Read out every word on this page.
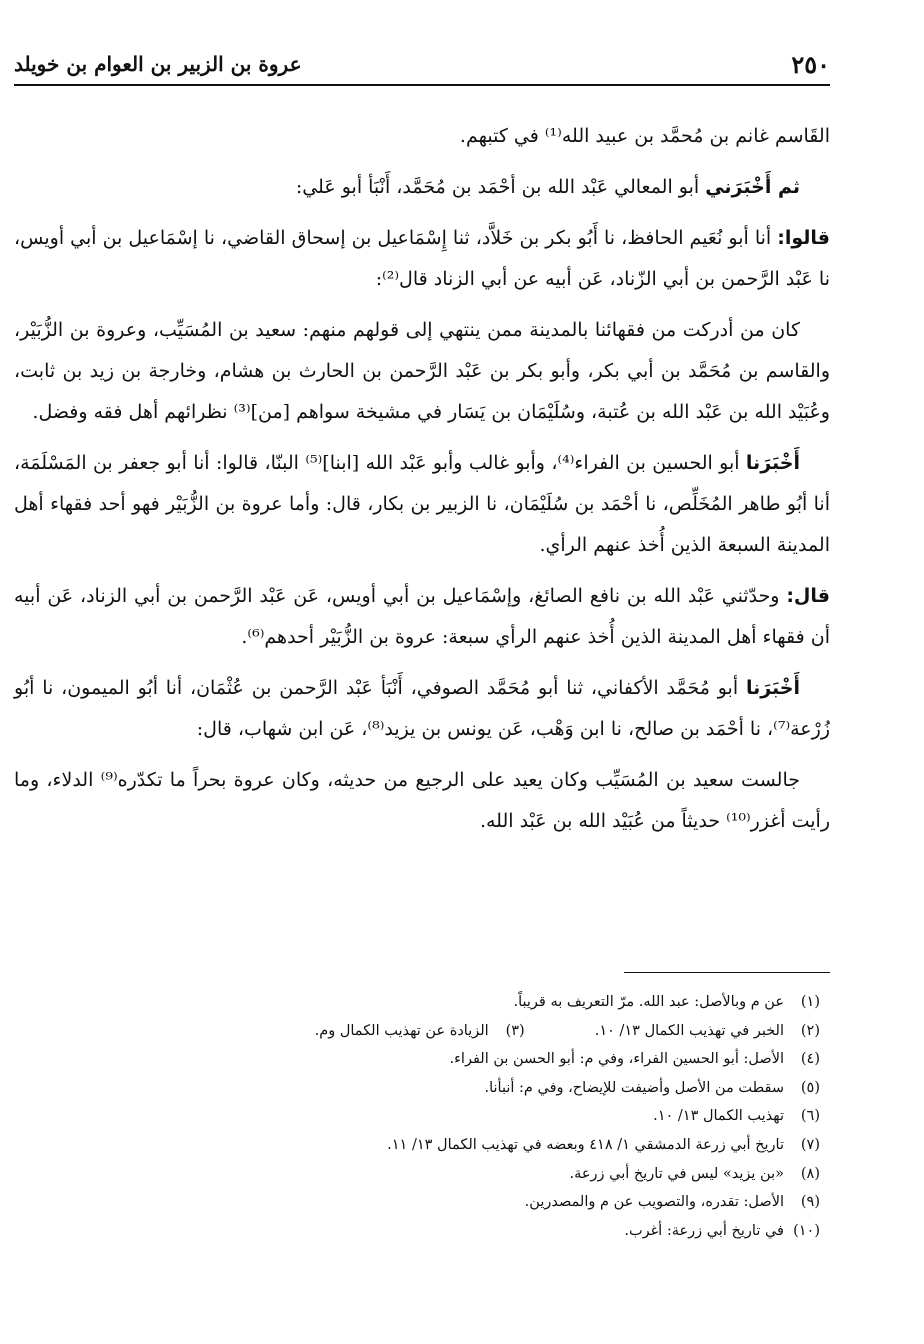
٢٥٠
عروة بن الزبير بن العوام بن خويلد

القَاسم غانم بن مُحمَّد بن عبيد الله⁽¹⁾ في كتبهم.

ثم أَخْبَرَني أبو المعالي عَبْد الله بن أحْمَد بن مُحَمَّد، أَنْبَأ أبو عَلي:

قالوا: أنا أبو نُعَيم الحافظ، نا أَبُو بكر بن خَلاَّد، ثنا إِسْمَاعيل بن إسحاق القاضي، نا إسْمَاعيل بن أبي أويس، نا عَبْد الرَّحمن بن أبي الزّناد، عَن أبيه عن أبي الزناد قال⁽²⁾:

كان من أدركت من فقهائنا بالمدينة ممن ينتهي إلى قولهم منهم: سعيد بن المُسَيِّب، وعروة بن الزُّبَيْر، والقاسم بن مُحَمَّد بن أبي بكر، وأبو بكر بن عَبْد الرَّحمن بن الحارث بن هشام، وخارجة بن زيد بن ثابت، وعُبَيْد الله بن عَبْد الله بن عُتبة، وسُلَيْمَان بن يَسَار في مشيخة سواهم [من]⁽³⁾ نظرائهم أهل فقه وفضل.

أَخْبَرَنا أبو الحسين بن الفراء⁽⁴⁾، وأبو غالب وأبو عَبْد الله [ابنا]⁽⁵⁾ البنّا، قالوا: أنا أبو جعفر بن المَسْلَمَة، أنا أبُو طاهر المُخَلِّص، نا أحْمَد بن سُلَيْمَان، نا الزبير بن بكار، قال: وأما عروة بن الزُّبَيْر فهو أحد فقهاء أهل المدينة السبعة الذين أُخذ عنهم الرأي.

قال: وحدّثني عَبْد الله بن نافع الصائغ، وإسْمَاعيل بن أبي أويس، عَن عَبْد الرَّحمن بن أبي الزناد، عَن أبيه أن فقهاء أهل المدينة الذين أُخذ عنهم الرأي سبعة: عروة بن الزُّبَيْر أحدهم⁽⁶⁾.

أَخْبَرَنا أبو مُحَمَّد الأكفاني، ثنا أبو مُحَمَّد الصوفي، أَنْبَأ عَبْد الرَّحمن بن عُثْمَان، أنا أبُو الميمون، نا أبُو زُرْعة⁽⁷⁾، نا أحْمَد بن صالح، نا ابن وَهْب، عَن يونس بن يزيد⁽⁸⁾، عَن ابن شهاب، قال:

جالست سعيد بن المُسَيِّب وكان يعيد على الرجيع من حديثه، وكان عروة بحراً ما تكدّره⁽⁹⁾ الدلاء، وما رأيت أغزر⁽¹⁰⁾ حديثاً من عُبَيْد الله بن عَبْد الله.

(١)
عن م وبالأصل: عبد الله. مرّ التعريف به قريباً.
(٢)
الخبر في تهذيب الكمال ١٣/ ١٠.
(٣)
الزيادة عن تهذيب الكمال وم.
(٤)
الأصل: أبو الحسين الفراء، وفي م: أبو الحسن بن الفراء.
(٥)
سقطت من الأصل وأضيفت للإيضاح، وفي م: أنبأنا.
(٦)
تهذيب الكمال ١٣/ ١٠.
(٧)
تاريخ أبي زرعة الدمشقي ١/ ٤١٨ وبعضه في تهذيب الكمال ١٣/ ١١.
(٨)
«بن يزيد» ليس في تاريخ أبي زرعة.
(٩)
الأصل: تقدره، والتصويب عن م والمصدرين.
(١٠)
في تاريخ أبي زرعة: أغرب.
